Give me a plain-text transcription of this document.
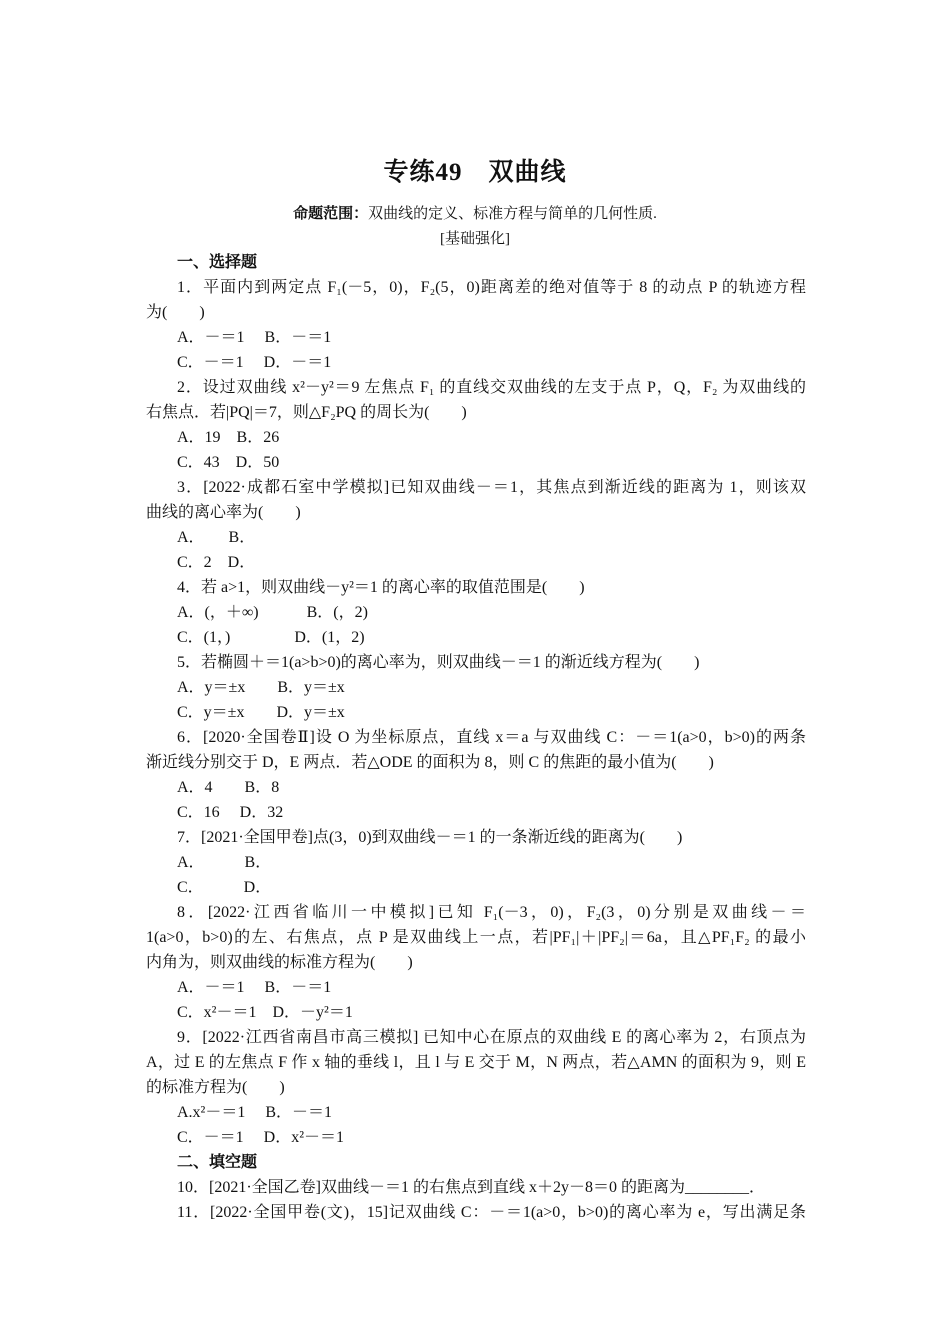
专练49　双曲线
命题范围：双曲线的定义、标准方程与简单的几何性质.
[基础强化]
一、选择题
1．平面内到两定点 F₁(－5，0)，F₂(5，0)距离差的绝对值等于 8 的动点 P 的轨迹方程
为(　　)
A．－＝1　 B．－＝1
C．－＝1　 D．－＝1
2．设过双曲线 x²－y²＝9 左焦点 F₁ 的直线交双曲线的左支于点 P，Q，F₂ 为双曲线的
右焦点．若|PQ|＝7，则△F₂PQ 的周长为(　　)
A．19　B．26
C．43　D．50
3．[2022·成都石室中学模拟]已知双曲线－＝1，其焦点到渐近线的距离为 1，则该双
曲线的离心率为(　　)
A．　　B．
C．2　D．
4．若 a>1，则双曲线－y²＝1 的离心率的取值范围是(　　)
A．(，＋∞)　　　B．(，2)
C．(1，)　　　　D．(1，2)
5．若椭圆＋＝1(a>b>0)的离心率为，则双曲线－＝1 的渐近线方程为(　　)
A．y＝±x　　B．y＝±x
C．y＝±x　　D．y＝±x
6．[2020·全国卷Ⅱ]设 O 为坐标原点，直线 x＝a 与双曲线 C：－＝1(a>0，b>0)的两条
渐近线分别交于 D，E 两点．若△ODE 的面积为 8，则 C 的焦距的最小值为(　　)
A．4　　B．8
C．16　 D．32
7．[2021·全国甲卷]点(3，0)到双曲线－＝1 的一条渐近线的距离为(　　)
A．　　　B．
C．　　　D．
8．[2022·江西省临川一中模拟]已知 F₁(－3，0)，F₂(3，0)分别是双曲线－＝
1(a>0，b>0)的左、右焦点，点 P 是双曲线上一点，若|PF₁|＋|PF₂|＝6a，且△PF₁F₂ 的最小
内角为，则双曲线的标准方程为(　　)
A．－＝1　 B．－＝1
C．x²－＝1　D．－y²＝1
9．[2022·江西省南昌市高三模拟] 已知中心在原点的双曲线 E 的离心率为 2，右顶点为
A，过 E 的左焦点 F 作 x 轴的垂线 l，且 l 与 E 交于 M，N 两点，若△AMN 的面积为 9，则 E
的标准方程为(　　)
A.x²－＝1　 B．－＝1
C．－＝1　 D．x²－＝1
二、填空题
10．[2021·全国乙卷]双曲线－＝1 的右焦点到直线 x＋2y－8＝0 的距离为________．
11．[2022·全国甲卷(文)，15]记双曲线 C：－＝1(a>0，b>0)的离心率为 e，写出满足条
